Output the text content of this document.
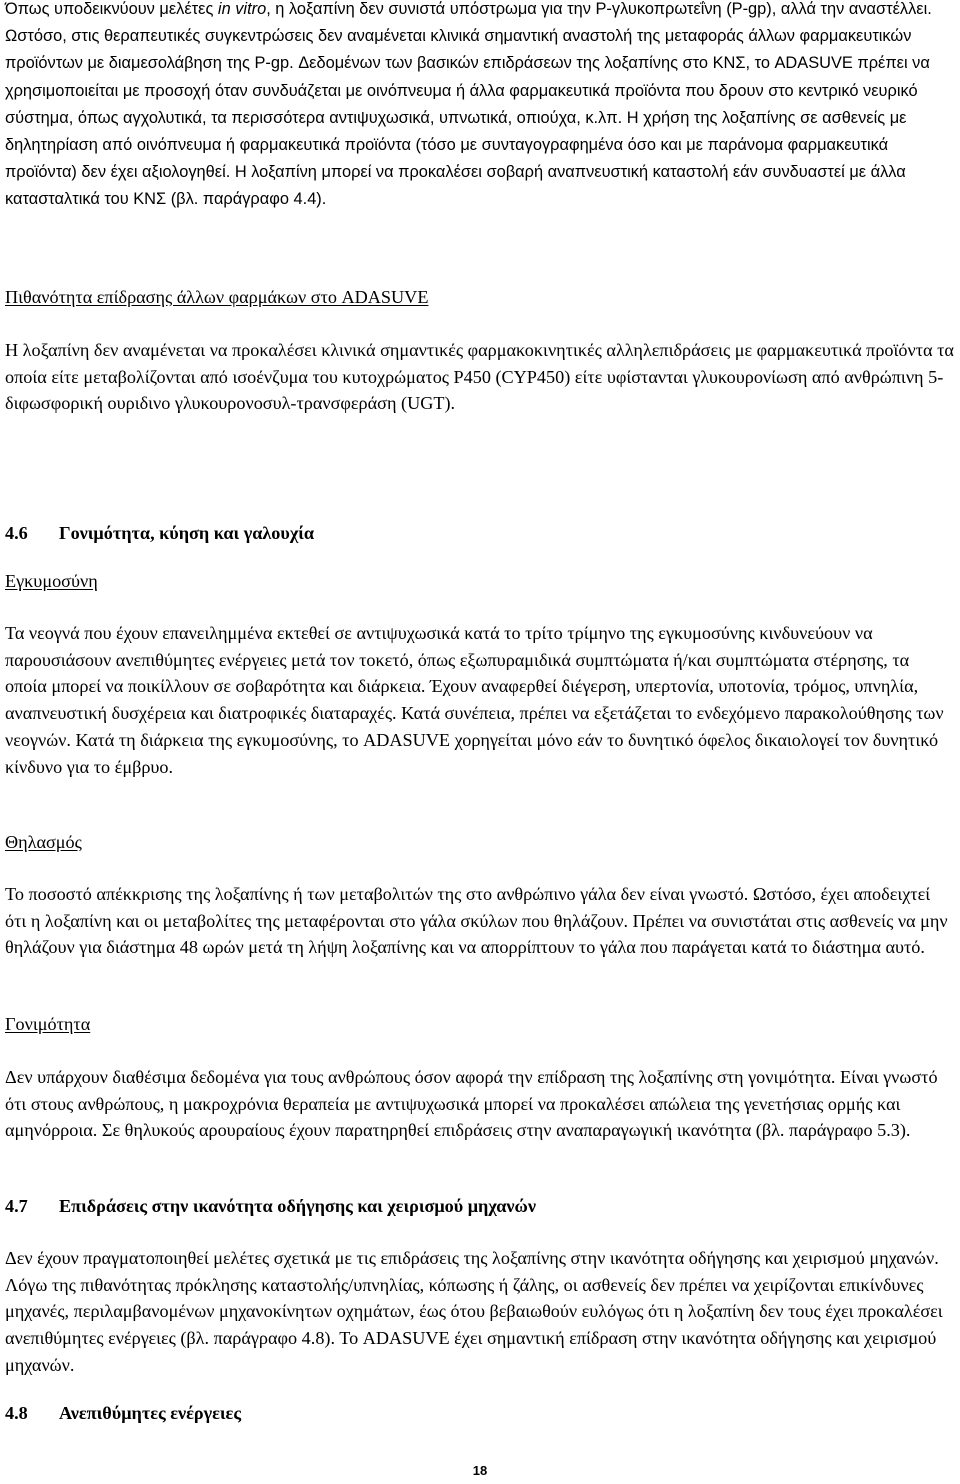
Όπως υποδεικνύουν μελέτες in vitro, η λοξαπίνη δεν συνιστά υπόστρωμα για την P-γλυκοπρωτεΐνη (P-gp), αλλά την αναστέλλει. Ωστόσο, στις θεραπευτικές συγκεντρώσεις δεν αναμένεται κλινικά σημαντική αναστολή της μεταφοράς άλλων φαρμακευτικών προϊόντων με διαμεσολάβηση της P-gp. Δεδομένων των βασικών επιδράσεων της λοξαπίνης στο ΚΝΣ, το ADASUVE πρέπει να χρησιμοποιείται με προσοχή όταν συνδυάζεται με οινόπνευμα ή άλλα φαρμακευτικά προϊόντα που δρουν στο κεντρικό νευρικό σύστημα, όπως αγχολυτικά, τα περισσότερα αντιψυχωσικά, υπνωτικά, οπιούχα, κ.λπ. Η χρήση της λοξαπίνης σε ασθενείς με δηλητηρίαση από οινόπνευμα ή φαρμακευτικά προϊόντα (τόσο με συνταγογραφημένα όσο και με παράνομα φαρμακευτικά προϊόντα) δεν έχει αξιολογηθεί. Η λοξαπίνη μπορεί να προκαλέσει σοβαρή αναπνευστική καταστολή εάν συνδυαστεί με άλλα κατασταλτικά του ΚΝΣ (βλ. παράγραφο 4.4).

Πιθανότητα επίδρασης άλλων φαρμάκων στο ADASUVE

Η λοξαπίνη δεν αναμένεται να προκαλέσει κλινικά σημαντικές φαρμακοκινητικές αλληλεπιδράσεις με φαρμακευτικά προϊόντα τα οποία είτε μεταβολίζονται από ισοένζυμα του κυτοχρώματος P450 (CYP450) είτε υφίστανται γλυκουρονίωση από ανθρώπινη 5-διφωσφορική ουριδινο γλυκουρονοσυλ-τρανσφεράση (UGT).

4.6 Γονιμότητα, κύηση και γαλουχία

Εγκυμοσύνη

Τα νεογνά που έχουν επανειλημμένα εκτεθεί σε αντιψυχωσικά κατά το τρίτο τρίμηνο της εγκυμοσύνης κινδυνεύουν να παρουσιάσουν ανεπιθύμητες ενέργειες μετά τον τοκετό, όπως εξωπυραμιδικά συμπτώματα ή/και συμπτώματα στέρησης, τα οποία μπορεί να ποικίλλουν σε σοβαρότητα και διάρκεια. Έχουν αναφερθεί διέγερση, υπερτονία, υποτονία, τρόμος, υπνηλία, αναπνευστική δυσχέρεια και διατροφικές διαταραχές. Κατά συνέπεια, πρέπει να εξετάζεται το ενδεχόμενο παρακολούθησης των νεογνών. Κατά τη διάρκεια της εγκυμοσύνης, το ADASUVE χορηγείται μόνο εάν το δυνητικό όφελος δικαιολογεί τον δυνητικό κίνδυνο για το έμβρυο.

Θηλασμός

Το ποσοστό απέκκρισης της λοξαπίνης ή των μεταβολιτών της στο ανθρώπινο γάλα δεν είναι γνωστό. Ωστόσο, έχει αποδειχτεί ότι η λοξαπίνη και οι μεταβολίτες της μεταφέρονται στο γάλα σκύλων που θηλάζουν. Πρέπει να συνιστάται στις ασθενείς να μην θηλάζουν για διάστημα 48 ωρών μετά τη λήψη λοξαπίνης και να απορρίπτουν το γάλα που παράγεται κατά το διάστημα αυτό.

Γονιμότητα

Δεν υπάρχουν διαθέσιμα δεδομένα για τους ανθρώπους όσον αφορά την επίδραση της λοξαπίνης στη γονιμότητα. Είναι γνωστό ότι στους ανθρώπους, η μακροχρόνια θεραπεία με αντιψυχωσικά μπορεί να προκαλέσει απώλεια της γενετήσιας ορμής και αμηνόρροια. Σε θηλυκούς αρουραίους έχουν παρατηρηθεί επιδράσεις στην αναπαραγωγική ικανότητα (βλ. παράγραφο 5.3).

4.7 Επιδράσεις στην ικανότητα οδήγησης και χειρισμού μηχανών

Δεν έχουν πραγματοποιηθεί μελέτες σχετικά με τις επιδράσεις της λοξαπίνης στην ικανότητα οδήγησης και χειρισμού μηχανών. Λόγω της πιθανότητας πρόκλησης καταστολής/υπνηλίας, κόπωσης ή ζάλης, οι ασθενείς δεν πρέπει να χειρίζονται επικίνδυνες μηχανές, περιλαμβανομένων μηχανοκίνητων οχημάτων, έως ότου βεβαιωθούν ευλόγως ότι η λοξαπίνη δεν τους έχει προκαλέσει ανεπιθύμητες ενέργειες (βλ. παράγραφο 4.8). Το ADASUVE έχει σημαντική επίδραση στην ικανότητα οδήγησης και χειρισμού μηχανών.

4.8 Ανεπιθύμητες ενέργειες

18
